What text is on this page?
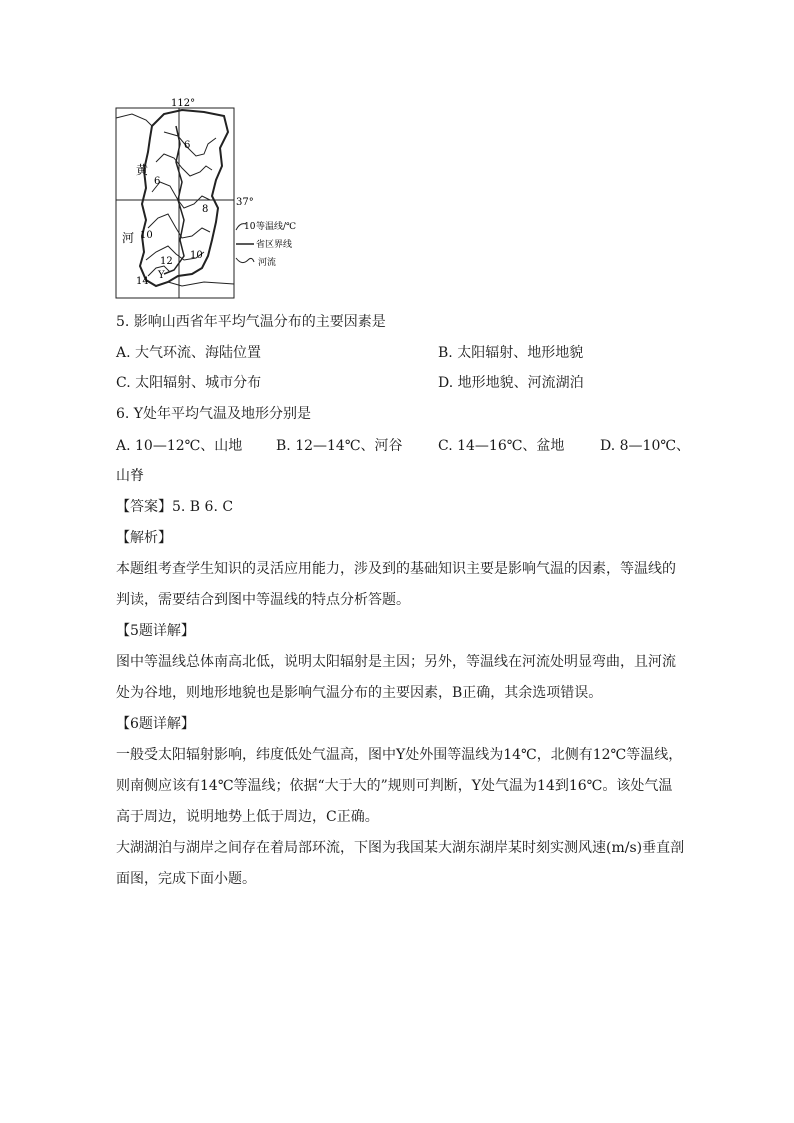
112°
37°
黄
河
6
6
8
10
10
12
14
Y
10 等温线/℃
省区界线
河流
5. 影响山西省年平均气温分布的主要因素是
A. 大气环流、海陆位置	B. 太阳辐射、地形地貌
C. 太阳辐射、城市分布	D. 地形地貌、河流湖泊
6. Y处年平均气温及地形分别是
A. 10—12℃、山地 B. 12—14℃、河谷	C. 14—16℃、盆地	D. 8—10℃、
山脊
【答案】5. B 6. C
【解析】
本题组考查学生知识的灵活应用能力，涉及到的基础知识主要是影响气温的因素，等温线的
判读，需要结合到图中等温线的特点分析答题。
【5题详解】
图中等温线总体南高北低，说明太阳辐射是主因；另外，等温线在河流处明显弯曲，且河流
处为谷地，则地形地貌也是影响气温分布的主要因素，B正确，其余选项错误。
【6题详解】
一般受太阳辐射影响，纬度低处气温高，图中Y处外围等温线为14℃，北侧有12℃等温线，
则南侧应该有14℃等温线；依据“大于大的”规则可判断，Y处气温为14到16℃。该处气温
高于周边，说明地势上低于周边，C正确。
大湖湖泊与湖岸之间存在着局部环流，下图为我国某大湖东湖岸某时刻实测风速(m/s)垂直剖
面图，完成下面小题。
